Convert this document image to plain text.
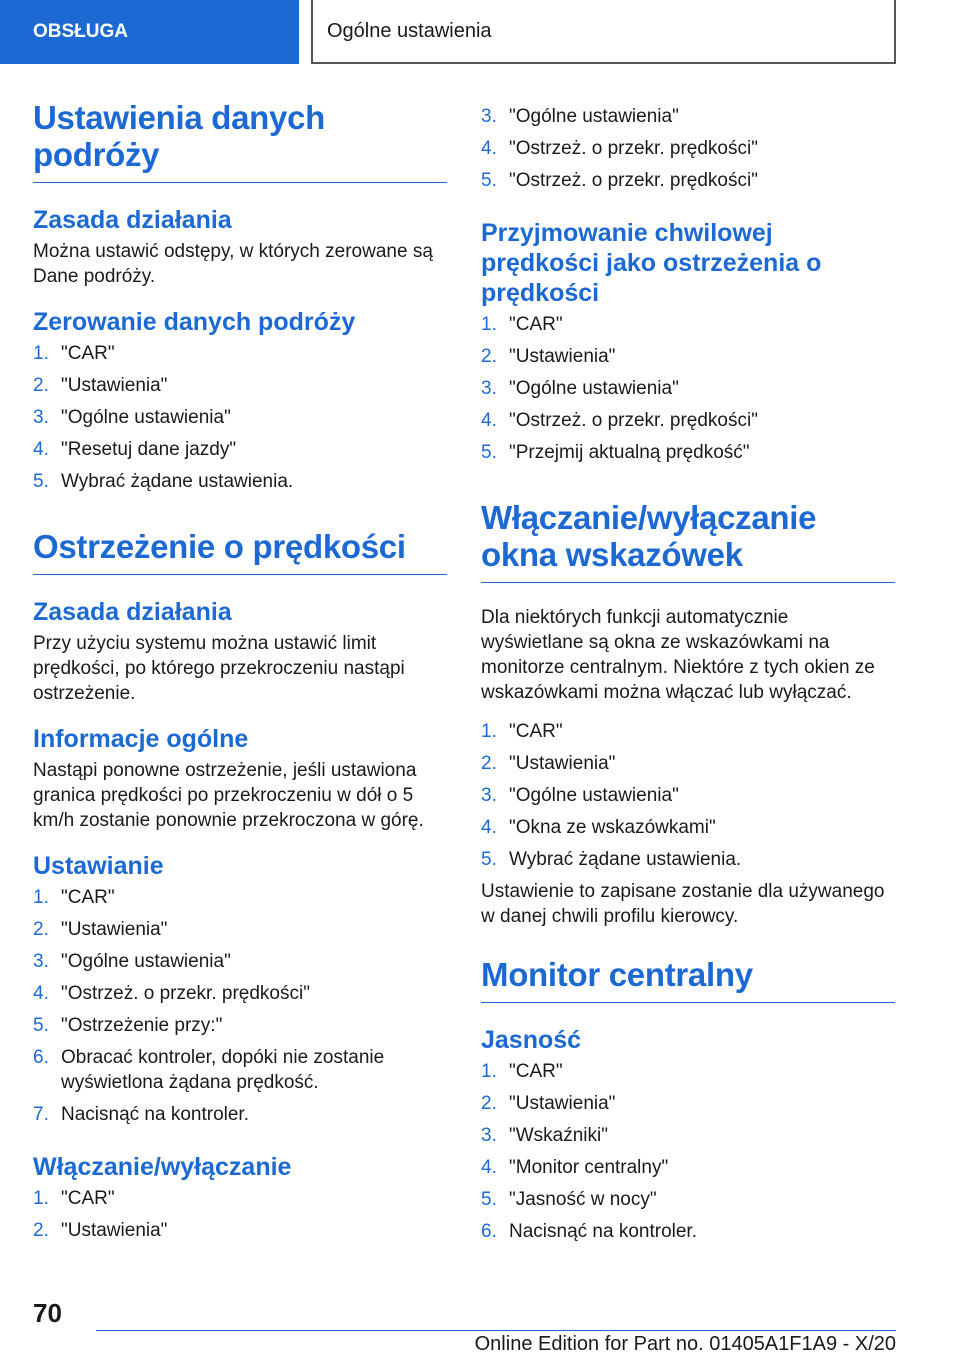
OBSŁUGA	Ogólne ustawienia
Ustawienia danych podróży
Zasada działania

Można ustawić odstępy, w których zerowane są Dane podróży.

Zerowanie danych podróży
1. "CAR"
2. "Ustawienia"
3. "Ogólne ustawienia"
4. "Resetuj dane jazdy"
5. Wybrać żądane ustawienia.
Ostrzeżenie o prędkości
Zasada działania

Przy użyciu systemu można ustawić limit prędkości, po którego przekroczeniu nastąpi ostrzeżenie.

Informacje ogólne

Nastąpi ponowne ostrzeżenie, jeśli ustawiona granica prędkości po przekroczeniu w dół o 5 km/h zostanie ponownie przekroczona w górę.

Ustawianie
1. "CAR"
2. "Ustawienia"
3. "Ogólne ustawienia"
4. "Ostrzeż. o przekr. prędkości"
5. "Ostrzeżenie przy:"
6. Obracać kontroler, dopóki nie zostanie wyświetlona żądana prędkość.
7. Nacisnąć na kontroler.
Włączanie/wyłączanie
1. "CAR"
2. "Ustawienia"
3. "Ogólne ustawienia"
4. "Ostrzeż. o przekr. prędkości"
5. "Ostrzeż. o przekr. prędkości"
Przyjmowanie chwilowej prędkości jako ostrzeżenia o prędkości
1. "CAR"
2. "Ustawienia"
3. "Ogólne ustawienia"
4. "Ostrzeż. o przekr. prędkości"
5. "Przejmij aktualną prędkość"
Włączanie/wyłączanie okna wskazówek

Dla niektórych funkcji automatycznie wyświetlane są okna ze wskazówkami na monitorze centralnym. Niektóre z tych okien ze wskazówkami można włączać lub wyłączać.

1. "CAR"
2. "Ustawienia"
3. "Ogólne ustawienia"
4. "Okna ze wskazówkami"
5. Wybrać żądane ustawienia.

Ustawienie to zapisane zostanie dla używanego w danej chwili profilu kierowcy.

Monitor centralny
Jasność
1. "CAR"
2. "Ustawienia"
3. "Wskaźniki"
4. "Monitor centralny"
5. "Jasność w nocy"
6. Nacisnąć na kontroler.
70
Online Edition for Part no. 01405A1F1A9 - X/20
